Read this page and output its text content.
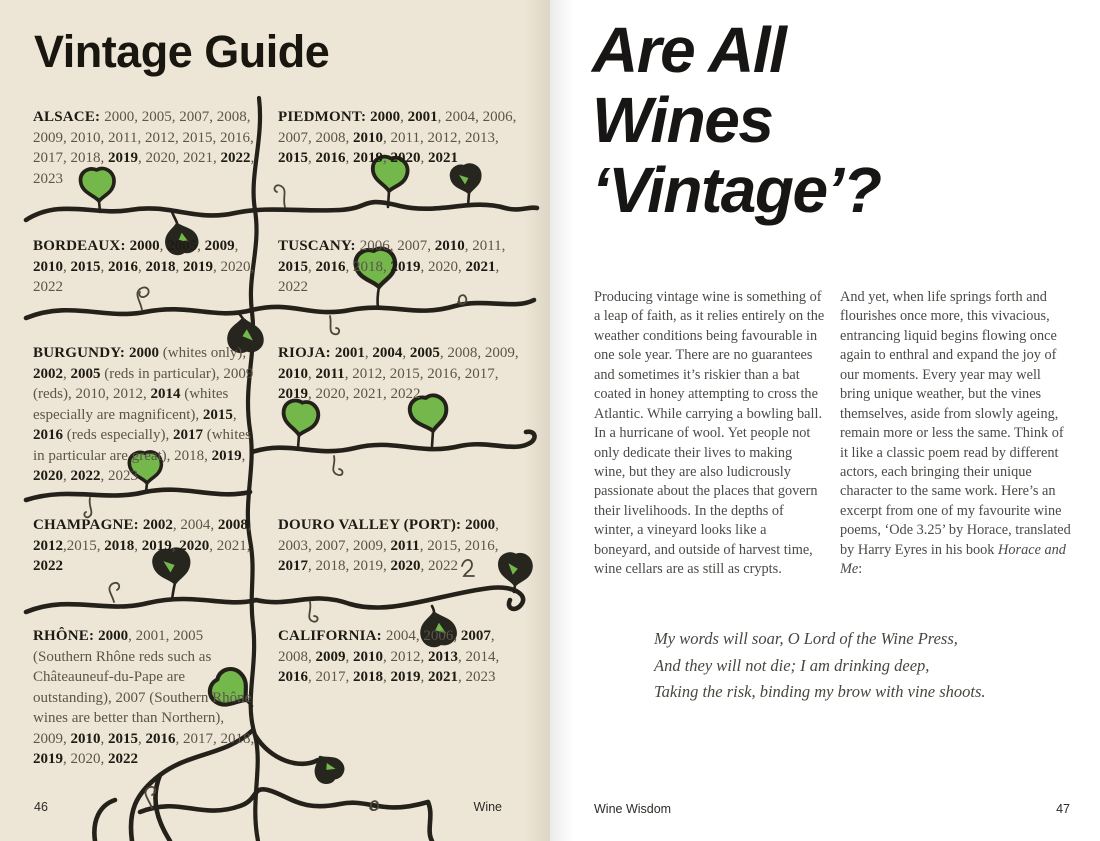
Vintage Guide
ALSACE: 2000, 2005, 2007, 2008, 2009, 2010, 2011, 2012, 2015, 2016, 2017, 2018, 2019, 2020, 2021, 2022, 2023
PIEDMONT: 2000, 2001, 2004, 2006, 2007, 2008, 2010, 2011, 2012, 2013, 2015, 2016, 2019, 2020, 2021
BORDEAUX: 2000, 2005, 2009, 2010, 2015, 2016, 2018, 2019, 2020, 2022
TUSCANY: 2006, 2007, 2010, 2011, 2015, 2016, 2018, 2019, 2020, 2021, 2022
BURGUNDY: 2000 (whites only), 2002, 2005 (reds in particular), 2009 (reds), 2010, 2012, 2014 (whites especially are magnificent), 2015, 2016 (reds especially), 2017 (whites in particular are great), 2018, 2019, 2020, 2022, 2023
RIOJA: 2001, 2004, 2005, 2008, 2009, 2010, 2011, 2012, 2015, 2016, 2017, 2019, 2020, 2021, 2022
CHAMPAGNE: 2002, 2004, 2008, 2012,2015, 2018, 2019, 2020, 2021, 2022
DOURO VALLEY (PORT): 2000, 2003, 2007, 2009, 2011, 2015, 2016, 2017, 2018, 2019, 2020, 2022
RHÔNE: 2000, 2001, 2005 (Southern Rhône reds such as Châteauneuf-du-Pape are outstanding), 2007 (Southern Rhône wines are better than Northern), 2009, 2010, 2015, 2016, 2017, 2018, 2019, 2020, 2022
CALIFORNIA: 2004, 2006, 2007, 2008, 2009, 2010, 2012, 2013, 2014, 2016, 2017, 2018, 2019, 2021, 2023
46	Wine
Are All
Wines
‘Vintage’?

Producing vintage wine is something of a leap of faith, as it relies entirely on the weather conditions being favourable in one sole year. There are no guarantees and sometimes it’s riskier than a bat coated in honey attempting to cross the Atlantic. While carrying a bowling ball. In a hurricane of wool. Yet people not only dedicate their lives to making wine, but they are also ludicrously passionate about the places that govern their livelihoods. In the depths of winter, a vineyard looks like a boneyard, and outside of harvest time, wine cellars are as still as crypts.

And yet, when life springs forth and flourishes once more, this vivacious, entrancing liquid begins flowing once again to enthral and expand the joy of our moments. Every year may well bring unique weather, but the vines themselves, aside from slowly ageing, remain more or less the same. Think of it like a classic poem read by different actors, each bringing their unique character to the same work. Here’s an excerpt from one of my favourite wine poems, ‘Ode 3.25’ by Horace, translated by Harry Eyres in his book Horace and Me:

My words will soar, O Lord of the Wine Press,
And they will not die; I am drinking deep,
Taking the risk, binding my brow with vine shoots.
Wine Wisdom	47
